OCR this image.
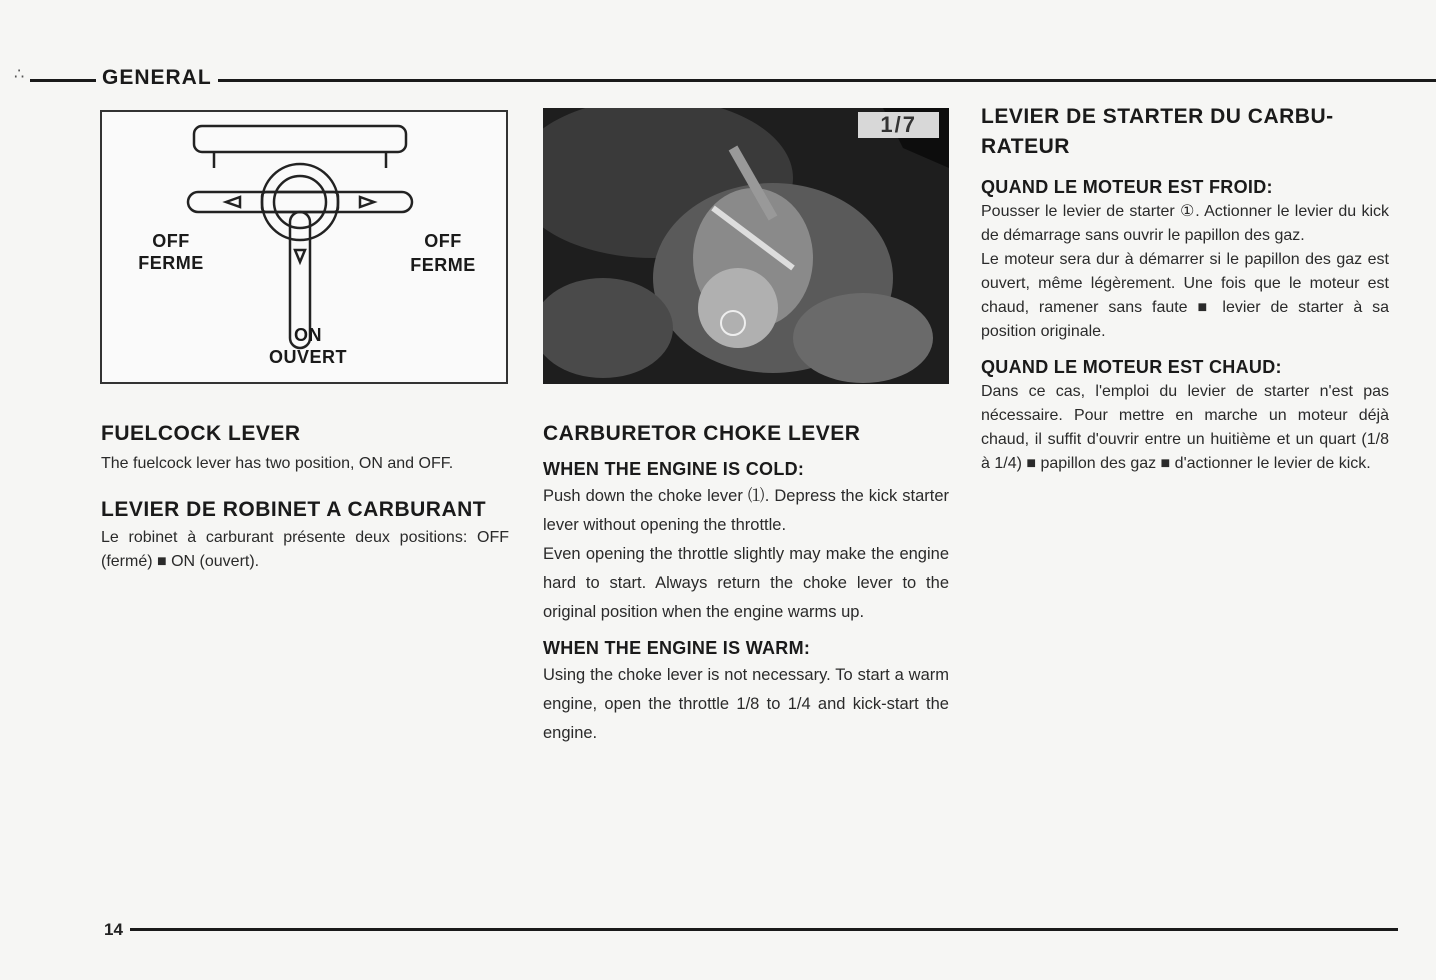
∴	GENERAL
OFF
FERME
OFF
FERME
ON
OUVERT
1/7
FUELCOCK LEVER

The fuelcock lever has two position, ON and OFF.

LEVIER DE ROBINET A CARBURANT

Le robinet à carburant présente deux positions: OFF (fermé) ■ ON (ouvert).

CARBURETOR CHOKE LEVER
WHEN THE ENGINE IS COLD:

Push down the choke lever ⑴. Depress the kick starter lever without opening the throttle.

Even opening the throttle slightly may make the engine hard to start. Always return the choke lever to the original position when the engine warms up.

WHEN THE ENGINE IS WARM:

Using the choke lever is not necessary. To start a warm engine, open the throttle 1/8 to 1/4 and kick-start the engine.

LEVIER DE STARTER DU CARBU-RATEUR
QUAND LE MOTEUR EST FROID:

Pousser le levier de starter ①. Actionner le levier du kick de démarrage sans ouvrir le papillon des gaz.

Le moteur sera dur à démarrer si le papillon des gaz est ouvert, même légèrement. Une fois que le moteur est chaud, ramener sans faute ■ levier de starter à sa position originale.

QUAND LE MOTEUR EST CHAUD:

Dans ce cas, l'emploi du levier de starter n'est pas nécessaire. Pour mettre en marche un moteur déjà chaud, il suffit d'ouvrir entre un huitième et un quart (1/8 à 1/4) ■ papillon des gaz ■ d'actionner le levier de kick.

14
